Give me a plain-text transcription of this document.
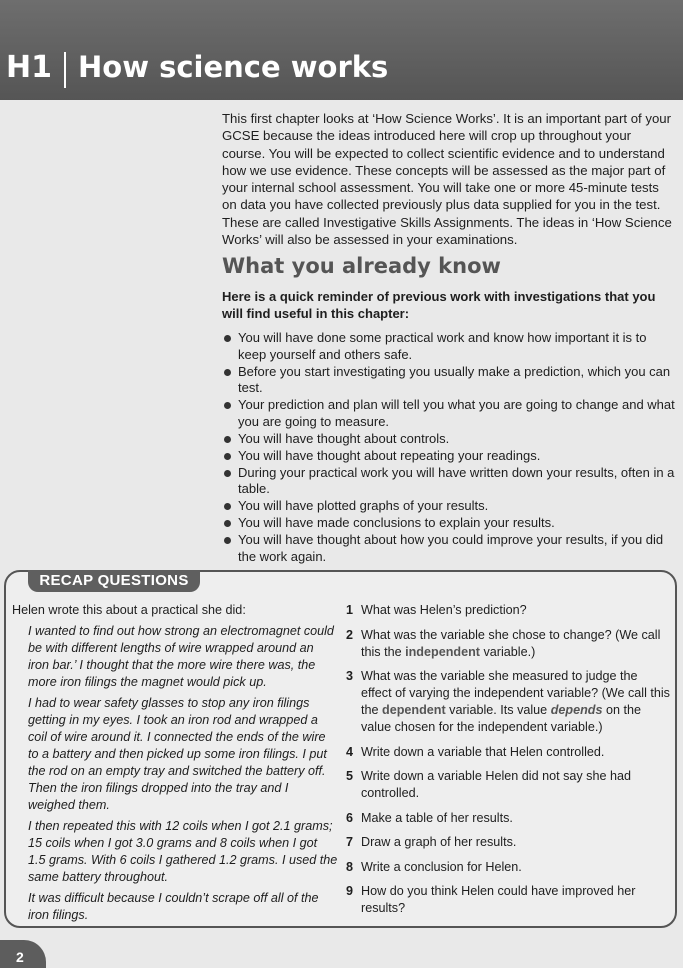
H1 How science works

This first chapter looks at ‘How Science Works’. It is an important part of your GCSE because the ideas introduced here will crop up throughout your course. You will be expected to collect scientific evidence and to understand how we use evidence. These concepts will be assessed as the major part of your internal school assessment. You will take one or more 45-minute tests on data you have collected previously plus data supplied for you in the test. These are called Investigative Skills Assignments. The ideas in ‘How Science Works’ will also be assessed in your examinations.

What you already know

Here is a quick reminder of previous work with investigations that you will find useful in this chapter:

You will have done some practical work and know how important it is to keep yourself and others safe.
Before you start investigating you usually make a prediction, which you can test.
Your prediction and plan will tell you what you are going to change and what you are going to measure.
You will have thought about controls.
You will have thought about repeating your readings.
During your practical work you will have written down your results, often in a table.
You will have plotted graphs of your results.
You will have made conclusions to explain your results.
You will have thought about how you could improve your results, if you did the work again.
RECAP QUESTIONS

Helen wrote this about a practical she did:

I wanted to find out how strong an electromagnet could be with different lengths of wire wrapped around an iron bar.’ I thought that the more wire there was, the more iron filings the magnet would pick up.

I had to wear safety glasses to stop any iron filings getting in my eyes. I took an iron rod and wrapped a coil of wire around it. I connected the ends of the wire to a battery and then picked up some iron filings. I put the rod on an empty tray and switched the battery off. Then the iron filings dropped into the tray and I weighed them.

I then repeated this with 12 coils when I got 2.1 grams; 15 coils when I got 3.0 grams and 8 coils when I got 1.5 grams. With 6 coils I gathered 1.2 grams. I used the same battery throughout.

It was difficult because I couldn’t scrape off all of the iron filings.

1 What was Helen’s prediction?
2 What was the variable she chose to change? (We call this the independent variable.)
3 What was the variable she measured to judge the effect of varying the independent variable? (We call this the dependent variable. Its value depends on the value chosen for the independent variable.)
4 Write down a variable that Helen controlled.
5 Write down a variable Helen did not say she had controlled.
6 Make a table of her results.
7 Draw a graph of her results.
8 Write a conclusion for Helen.
9 How do you think Helen could have improved her results?
2
